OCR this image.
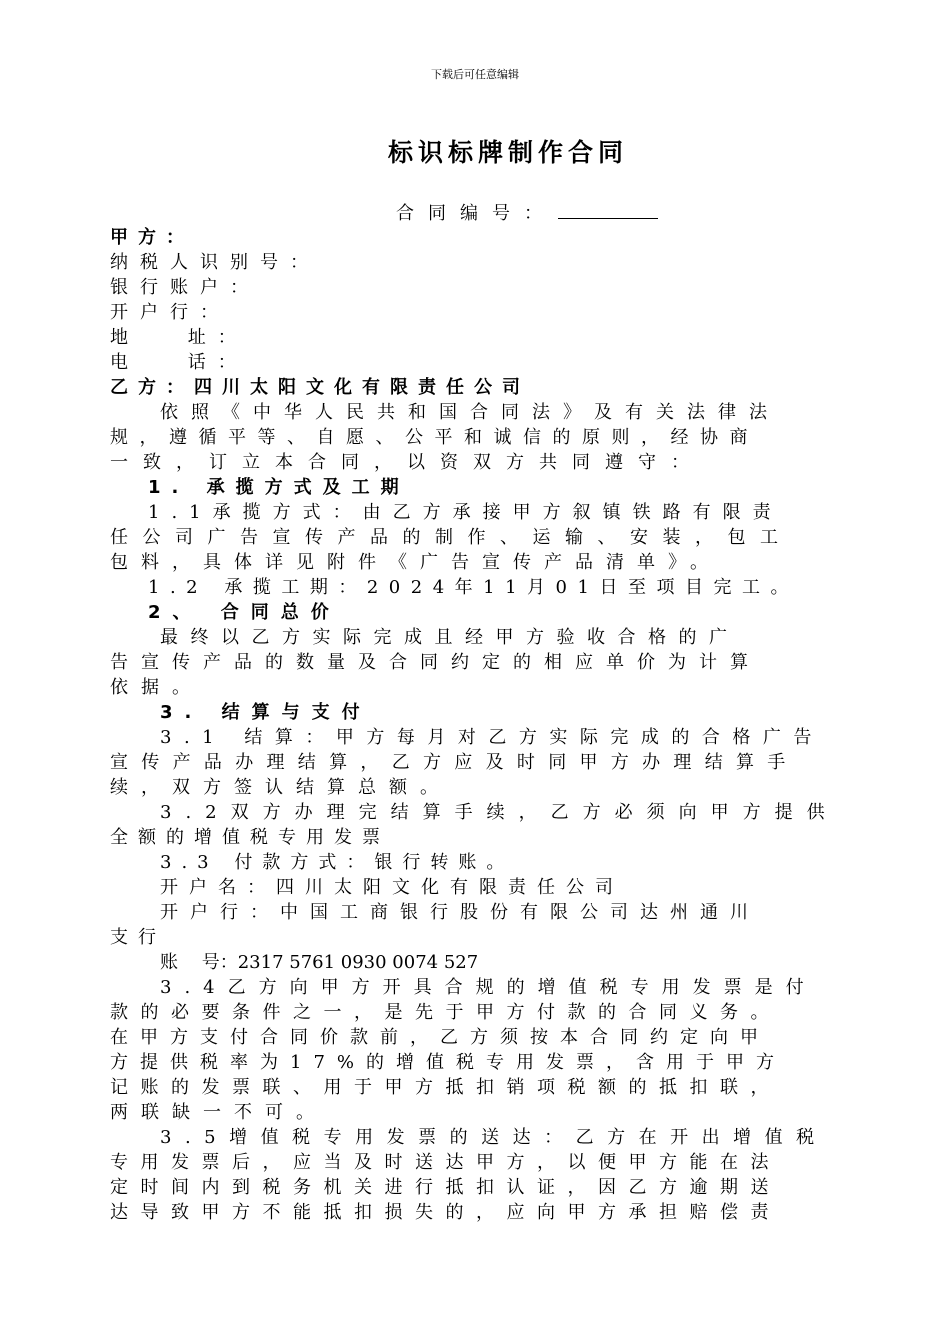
下载后可任意编辑
标识标牌制作合同
合同编号：
甲方：
纳税人识别号：
银行账户：
开户行：
地　 址：
电　 话：
乙方：四川太阳文化有限责任公司
依照《中华人民共和国合同法》及有关法律法
规，遵循平等、自愿、公平和诚信的原则，经协商
一致，订立本合同，以资双方共同遵守：
1. 承揽方式及工期
1.1承揽方式：由乙方承接甲方叙镇铁路有限责
任公司广告宣传产品的制作、运输、安装，包工
包料，具体详见附件《广告宣传产品清单》。
1.2 承揽工期：2024年11月01日至项目完工。
2、 合同总价
最终以乙方实际完成且经甲方验收合格的广
告宣传产品的数量及合同约定的相应单价为计算
依据。
3. 结算与支付
3.1 结算：甲方每月对乙方实际完成的合格广告
宣传产品办理结算，乙方应及时同甲方办理结算手
续，双方签认结算总额。
3.2双方办理完结算手续，乙方必须向甲方提供
全额的增值税专用发票
3.3 付款方式：银行转账。
开户名：四川太阳文化有限责任公司
开户行：中国工商银行股份有限公司达州通川
支行
账　 号：2317 5761 0930 0074 527
3.4乙方向甲方开具合规的增值税专用发票是付
款的必要条件之一，是先于甲方付款的合同义务。
在甲方支付合同价款前，乙方须按本合同约定向甲
方提供税率为17%的增值税专用发票，含用于甲方
记账的发票联、用于甲方抵扣销项税额的抵扣联，
两联缺一不可。
3.5增值税专用发票的送达：乙方在开出增值税
专用发票后，应当及时送达甲方，以便甲方能在法
定时间内到税务机关进行抵扣认证，因乙方逾期送
达导致甲方不能抵扣损失的，应向甲方承担赔偿责
